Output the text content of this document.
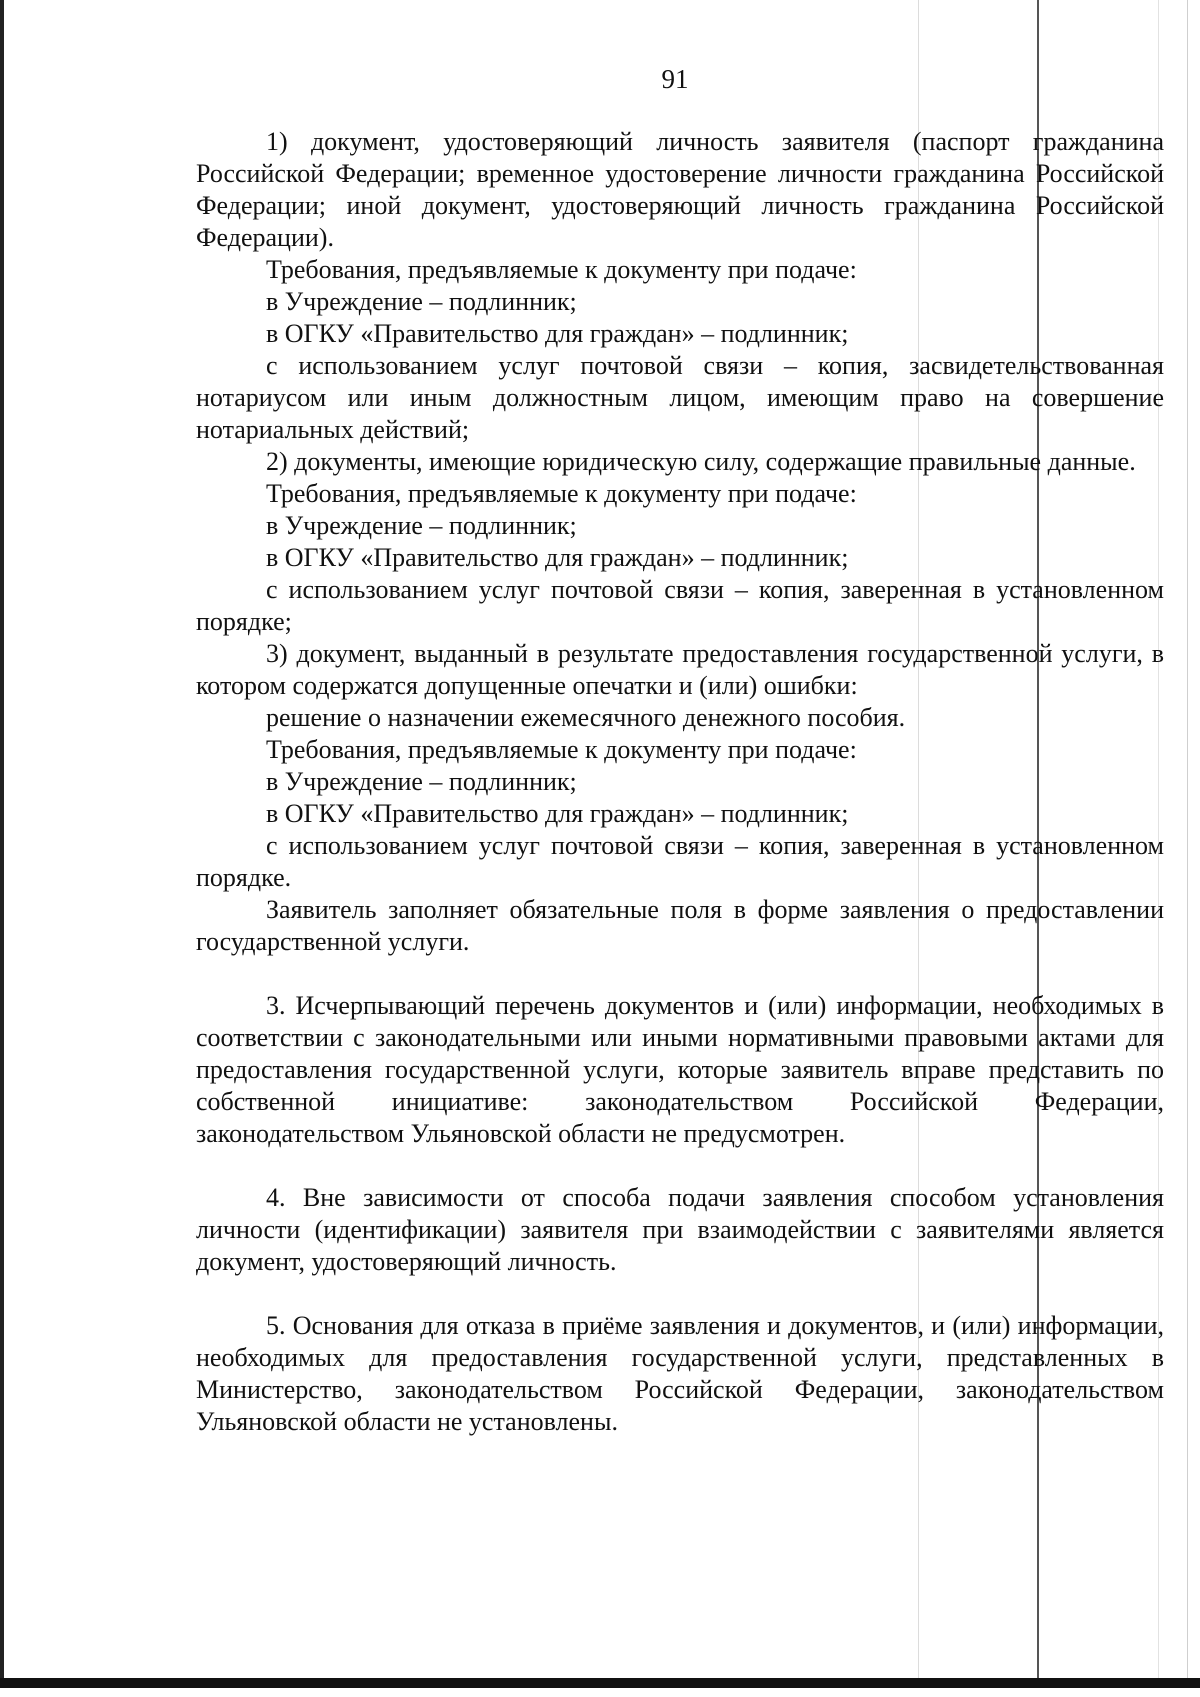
91

1) документ, удостоверяющий личность заявителя (паспорт гражданина Российской Федерации; временное удостоверение личности гражданина Российской Федерации; иной документ, удостоверяющий личность гражданина Российской Федерации).

Требования, предъявляемые к документу при подаче:

в Учреждение – подлинник;

в ОГКУ «Правительство для граждан» – подлинник;

с использованием услуг почтовой связи – копия, засвидетельствованная нотариусом или иным должностным лицом, имеющим право на совершение нотариальных действий;

2) документы, имеющие юридическую силу, содержащие правильные данные.

Требования, предъявляемые к документу при подаче:

в Учреждение – подлинник;

в ОГКУ «Правительство для граждан» – подлинник;

с использованием услуг почтовой связи – копия, заверенная в установленном порядке;

3) документ, выданный в результате предоставления государственной услуги, в котором содержатся допущенные опечатки и (или) ошибки:

решение о назначении ежемесячного денежного пособия.

Требования, предъявляемые к документу при подаче:

в Учреждение – подлинник;

в ОГКУ «Правительство для граждан» – подлинник;

с использованием услуг почтовой связи – копия, заверенная в установленном порядке.

Заявитель заполняет обязательные поля в форме заявления о предоставлении государственной услуги.

3. Исчерпывающий перечень документов и (или) информации, необходимых в соответствии с законодательными или иными нормативными правовыми актами для предоставления государственной услуги, которые заявитель вправе представить по собственной инициативе: законодательством Российской Федерации, законодательством Ульяновской области не предусмотрен.

4. Вне зависимости от способа подачи заявления способом установления личности (идентификации) заявителя при взаимодействии с заявителями является документ, удостоверяющий личность.

5. Основания для отказа в приёме заявления и документов, и (или) информации, необходимых для предоставления государственной услуги, представленных в Министерство, законодательством Российской Федерации, законодательством Ульяновской области не установлены.
